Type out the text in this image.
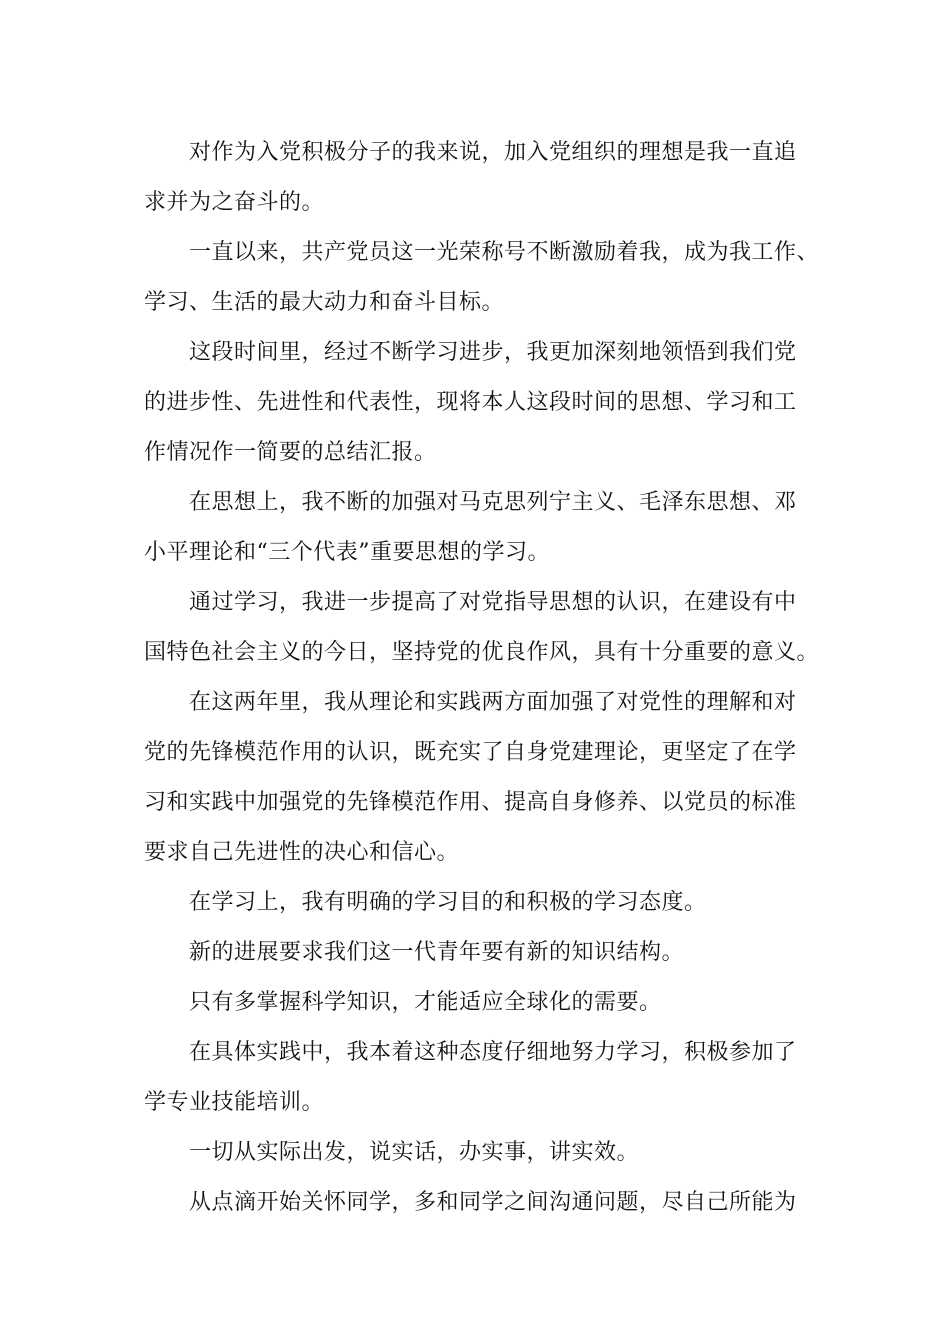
对作为入党积极分子的我来说，加入党组织的理想是我一直追
求并为之奋斗的。
一直以来，共产党员这一光荣称号不断激励着我，成为我工作、
学习、生活的最大动力和奋斗目标。
这段时间里，经过不断学习进步，我更加深刻地领悟到我们党
的进步性、先进性和代表性，现将本人这段时间的思想、学习和工
作情况作一简要的总结汇报。
在思想上，我不断的加强对马克思列宁主义、毛泽东思想、邓
小平理论和“三个代表”重要思想的学习。
通过学习，我进一步提高了对党指导思想的认识，在建设有中
国特色社会主义的今日，坚持党的优良作风，具有十分重要的意义。
在这两年里，我从理论和实践两方面加强了对党性的理解和对
党的先锋模范作用的认识，既充实了自身党建理论，更坚定了在学
习和实践中加强党的先锋模范作用、提高自身修养、以党员的标准
要求自己先进性的决心和信心。
在学习上，我有明确的学习目的和积极的学习态度。
新的进展要求我们这一代青年要有新的知识结构。
只有多掌握科学知识，才能适应全球化的需要。
在具体实践中，我本着这种态度仔细地努力学习，积极参加了
学专业技能培训。
一切从实际出发，说实话，办实事，讲实效。
从点滴开始关怀同学，多和同学之间沟通问题，尽自己所能为
